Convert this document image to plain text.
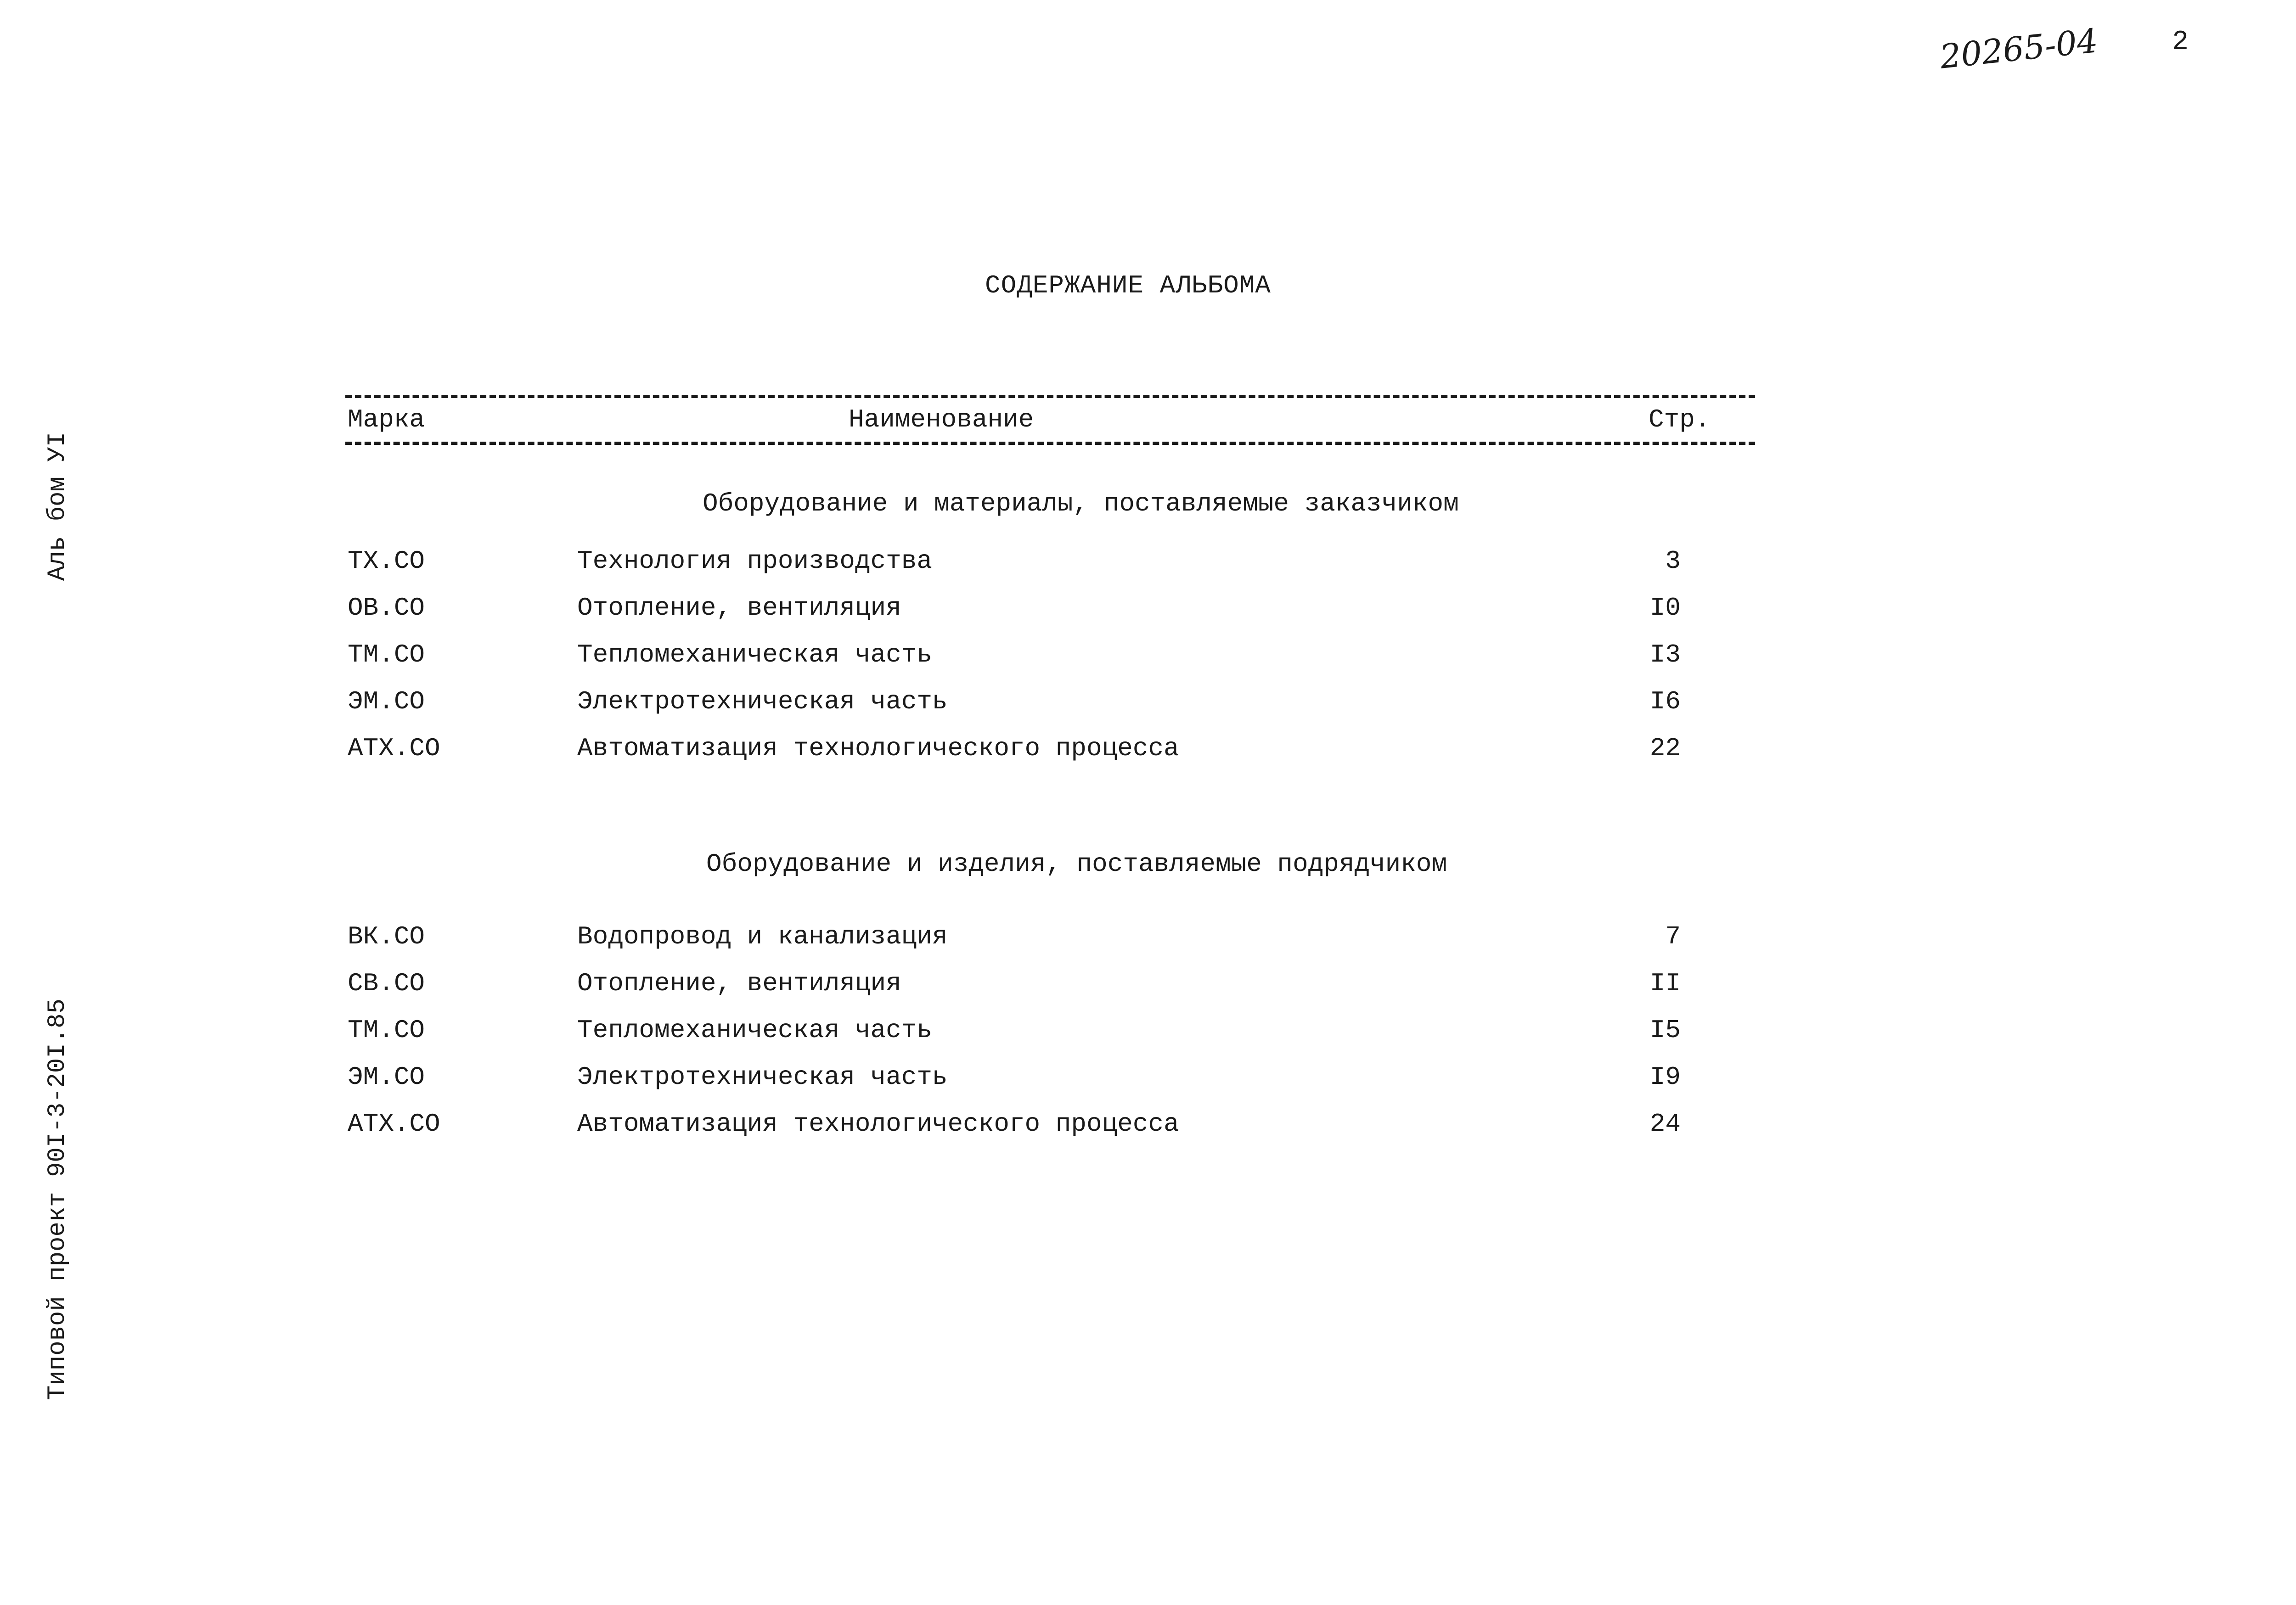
20265-04	2
Аль бом УI
Типовой проект 90I-3-20I.85
СОДЕРЖАНИЕ АЛЬБОМА
Марка	Наименование	Стр.
Оборудование и материалы, поставляемые заказчиком
ТХ.СО	Технология производства	3
ОВ.СО	Отопление, вентиляция	I0
ТМ.СО	Тепломеханическая часть	I3
ЭМ.СО	Электротехническая часть	I6
АТХ.СО	Автоматизация технологического процесса	22
Оборудование и изделия, поставляемые подрядчиком
ВК.СО	Водопровод и канализация	7
СВ.СО	Отопление, вентиляция	II
ТМ.СО	Тепломеханическая часть	I5
ЭМ.СО	Электротехническая часть	I9
АТХ.СО	Автоматизация технологического процесса	24
